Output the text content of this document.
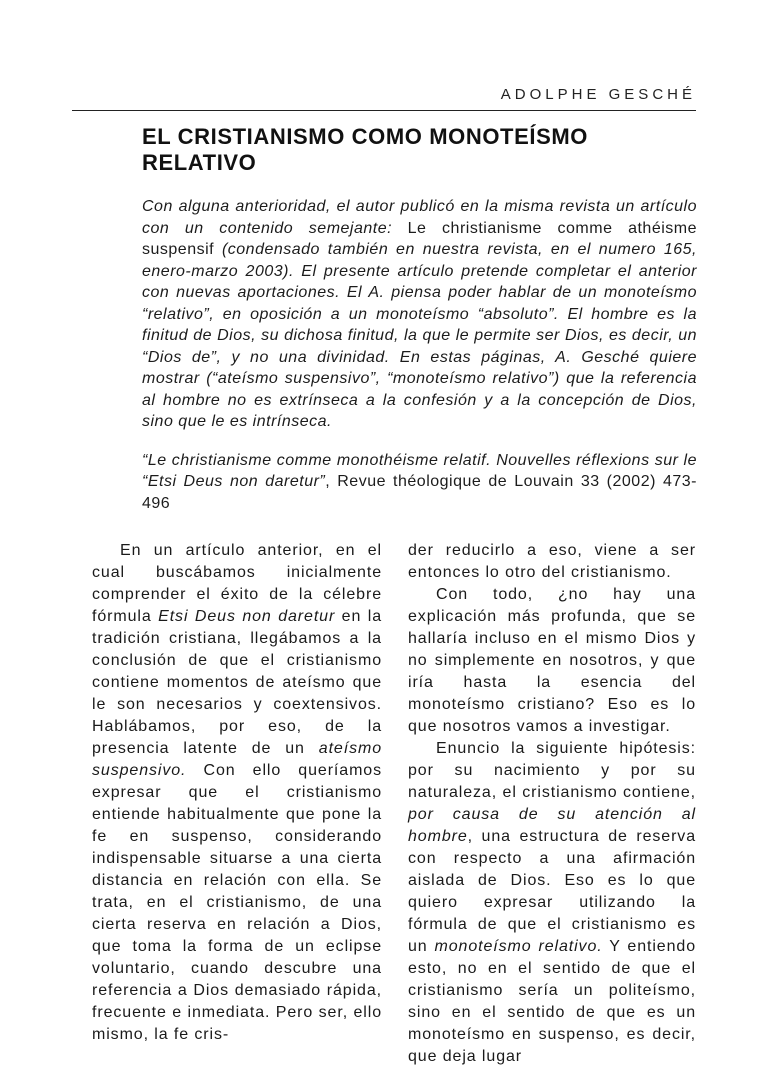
ADOLPHE GESCHÉ
EL CRISTIANISMO COMO MONOTEÍSMO
RELATIVO

Con alguna anterioridad, el autor publicó en la misma revista un artículo con un contenido semejante: Le christianisme comme athéisme suspensif (condensado también en nuestra revista, en el numero 165, enero-marzo 2003). El presente artículo pretende completar el anterior con nuevas aportaciones. El A. piensa poder hablar de un monoteísmo “relativo”, en oposición a un monoteísmo “absoluto”. El hombre es la finitud de Dios, su dichosa finitud, la que le permite ser Dios, es decir, un “Dios de”, y no una divinidad. En estas páginas, A. Gesché quiere mostrar (“ateísmo suspensivo”, “monoteísmo relativo”) que la referencia al hombre no es extrínseca a la confesión y a la concepción de Dios, sino que le es intrínseca.

“Le christianisme comme monothéisme relatif. Nouvelles réflexions sur le “Etsi Deus non daretur”, Revue théologique de Louvain 33 (2002) 473-496

En un artículo anterior, en el cual buscábamos inicialmente comprender el éxito de la célebre fórmula Etsi Deus non daretur en la tradición cristiana, llegábamos a la conclusión de que el cristianismo contiene momentos de ateísmo que le son necesarios y coextensivos. Hablábamos, por eso, de la presencia latente de un ateísmo suspensivo. Con ello queríamos expresar que el cristianismo entiende habitualmente que pone la fe en suspenso, considerando indispensable situarse a una cierta distancia en relación con ella. Se trata, en el cristianismo, de una cierta reserva en relación a Dios, que toma la forma de un eclipse voluntario, cuando descubre una referencia a Dios demasiado rápida, frecuente e inmediata. Pero ser, ello mismo, la fe cris-

der reducirlo a eso, viene a ser entonces lo otro del cristianismo.

Con todo, ¿no hay una explicación más profunda, que se hallaría incluso en el mismo Dios y no simplemente en nosotros, y que iría hasta la esencia del monoteísmo cristiano? Eso es lo que nosotros vamos a investigar.

Enuncio la siguiente hipótesis: por su nacimiento y por su naturaleza, el cristianismo contiene, por causa de su atención al hombre, una estructura de reserva con respecto a una afirmación aislada de Dios. Eso es lo que quiero expresar utilizando la fórmula de que el cristianismo es un monoteísmo relativo. Y entiendo esto, no en el sentido de que el cristianismo sería un politeísmo, sino en el sentido de que es un monoteísmo en suspenso, es decir, que deja lugar
